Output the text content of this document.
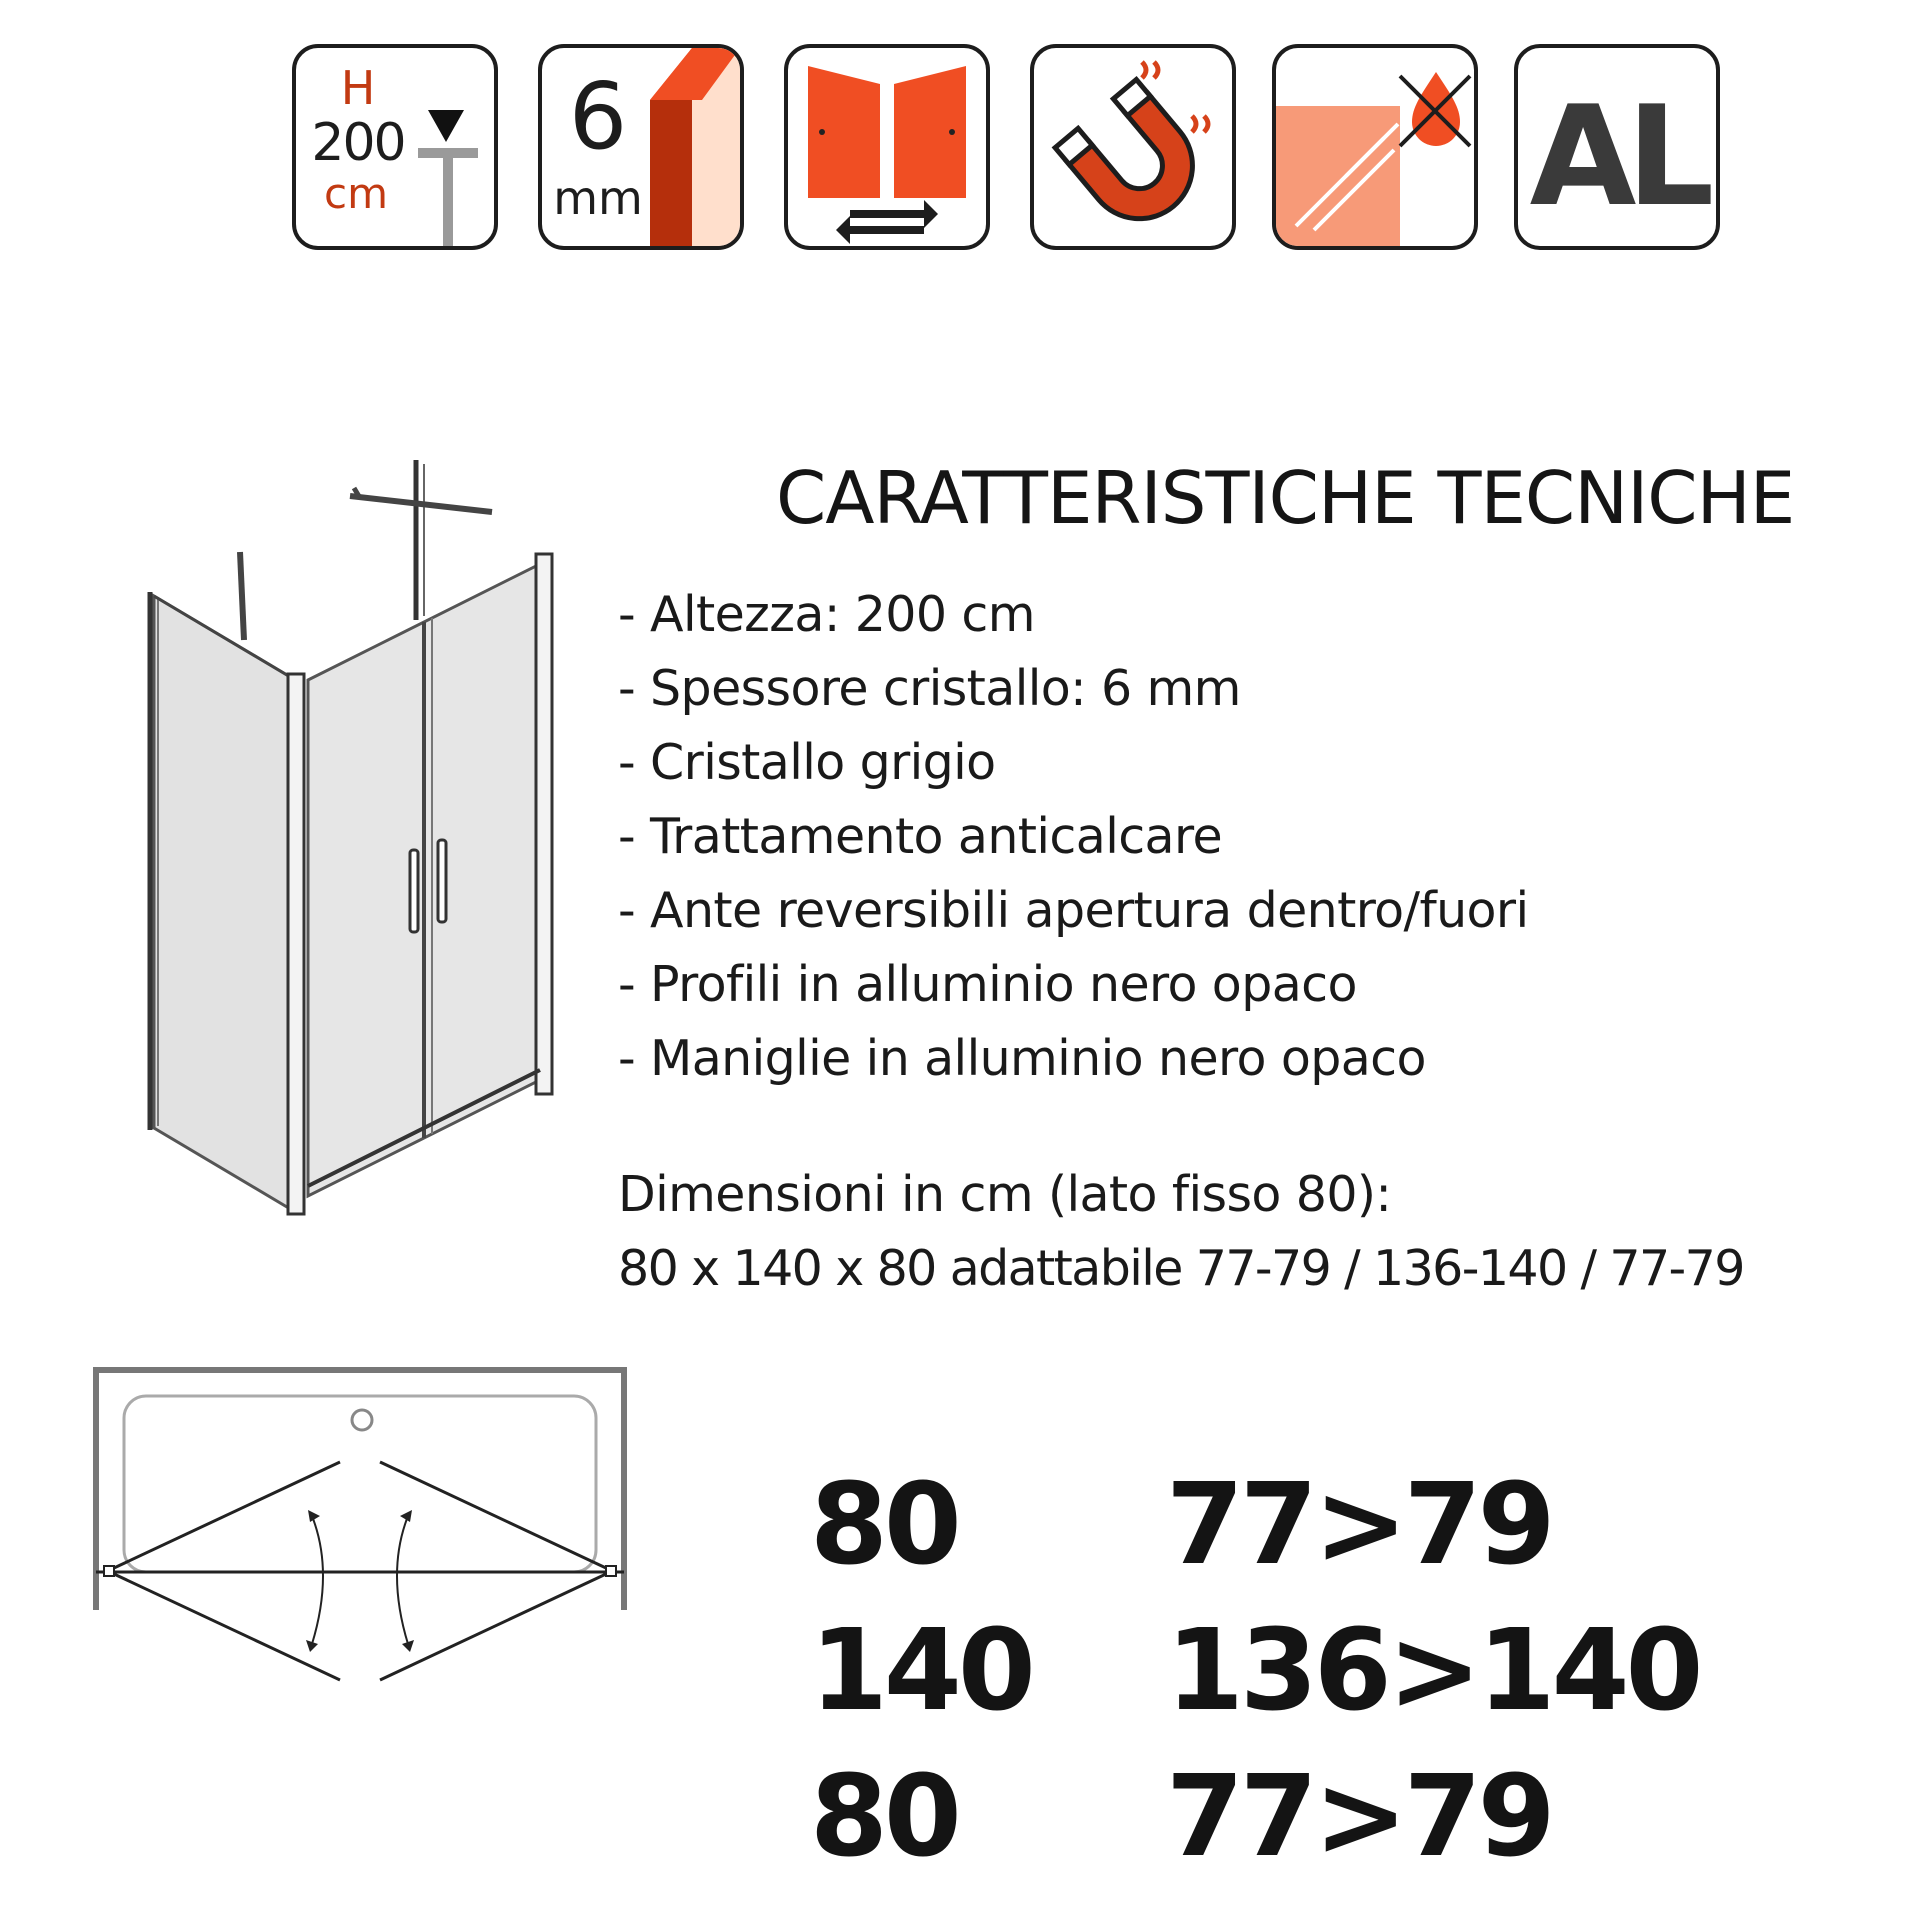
H
200
cm
6
mm	AL
CARATTERISTICHE TECNICHE
- Altezza: 200 cm
- Spessore cristallo: 6 mm
- Cristallo grigio
- Trattamento anticalcare
- Ante reversibili apertura dentro/fuori
- Profili in alluminio nero opaco
- Maniglie in alluminio nero opaco
Dimensioni in cm (lato fisso 80):
80 x 140 x 80 adattabile 77-79 / 136-140 / 77-79
80 77>79
140 136>140
80 77>79
